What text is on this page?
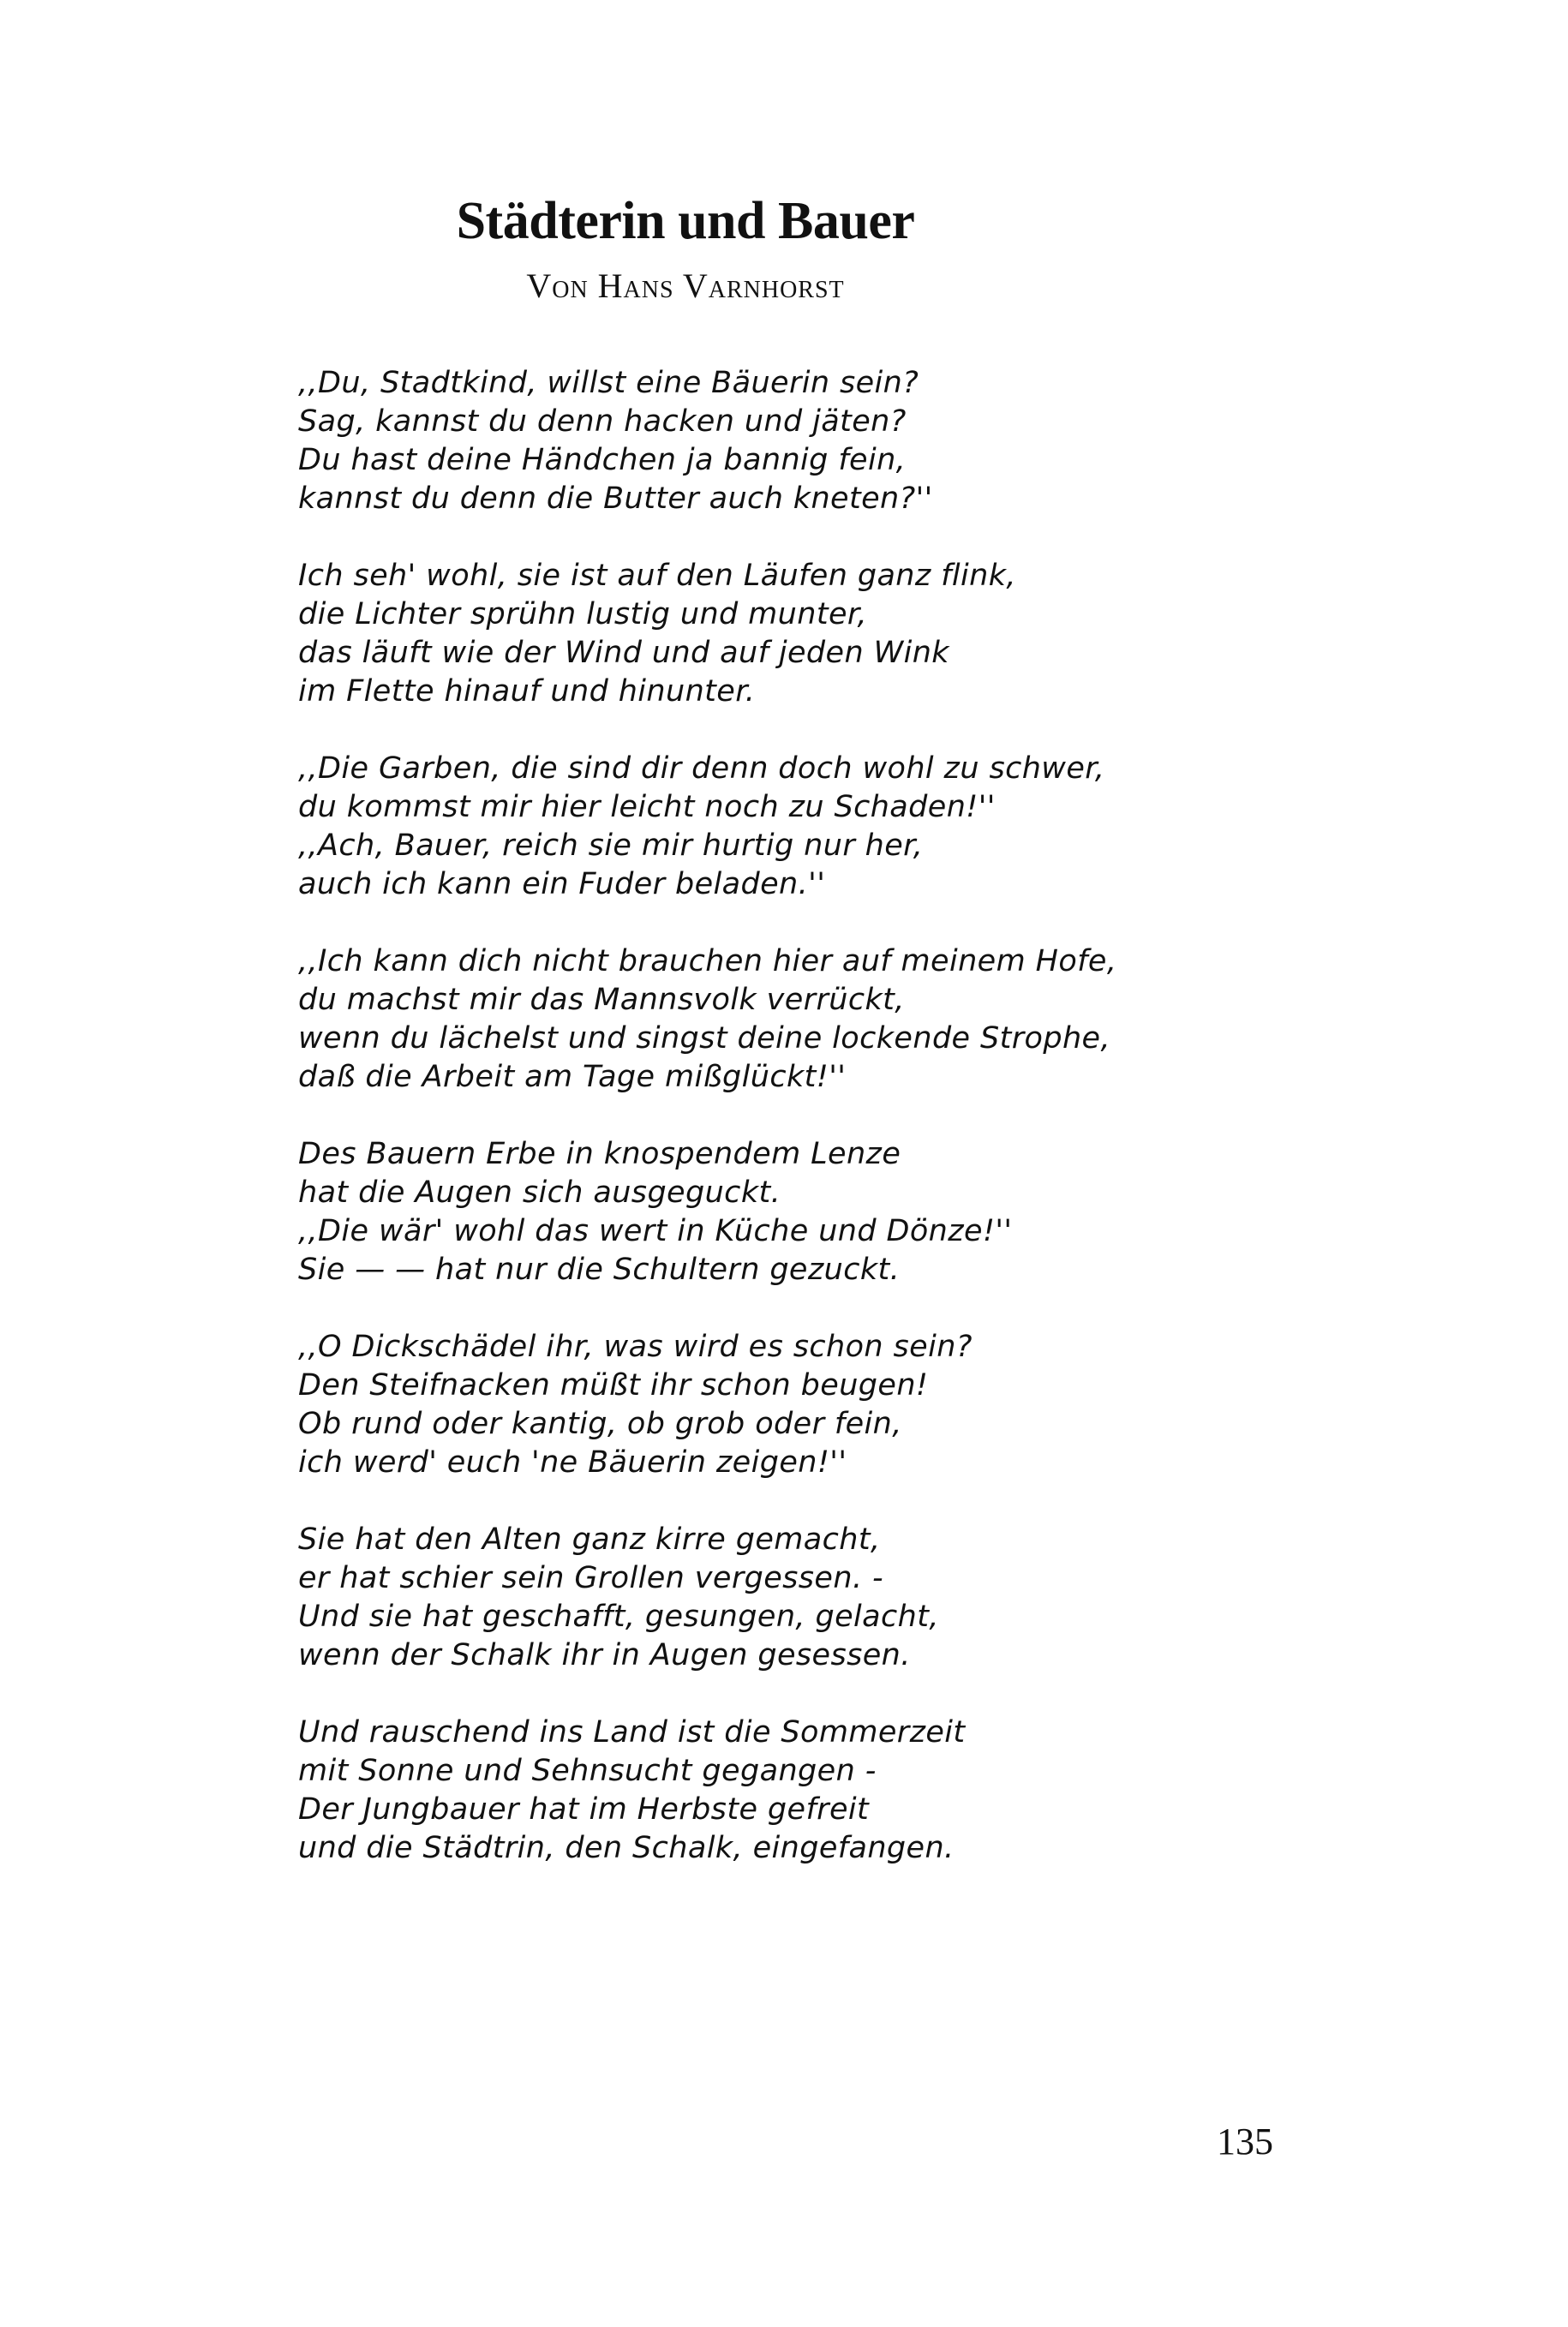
Städterin und Bauer
Von Hans Varnhorst
,,Du, Stadtkind, willst eine Bäuerin sein?
Sag, kannst du denn hacken und jäten?
Du hast deine Händchen ja bannig fein,
kannst du denn die Butter auch kneten?''
Ich seh' wohl, sie ist auf den Läufen ganz flink,
die Lichter sprühn lustig und munter,
das läuft wie der Wind und auf jeden Wink
im Flette hinauf und hinunter.
,,Die Garben, die sind dir denn doch wohl zu schwer,
du kommst mir hier leicht noch zu Schaden!''
,,Ach, Bauer, reich sie mir hurtig nur her,
auch ich kann ein Fuder beladen.''
,,Ich kann dich nicht brauchen hier auf meinem Hofe,
du machst mir das Mannsvolk verrückt,
wenn du lächelst und singst deine lockende Strophe,
daß die Arbeit am Tage mißglückt!''
Des Bauern Erbe in knospendem Lenze
hat die Augen sich ausgeguckt.
,,Die wär' wohl das wert in Küche und Dönze!''
Sie — — hat nur die Schultern gezuckt.
,,O Dickschädel ihr, was wird es schon sein?
Den Steifnacken müßt ihr schon beugen!
Ob rund oder kantig, ob grob oder fein,
ich werd' euch 'ne Bäuerin zeigen!''
Sie hat den Alten ganz kirre gemacht,
er hat schier sein Grollen vergessen. -
Und sie hat geschafft, gesungen, gelacht,
wenn der Schalk ihr in Augen gesessen.
Und rauschend ins Land ist die Sommerzeit
mit Sonne und Sehnsucht gegangen -
Der Jungbauer hat im Herbste gefreit
und die Städtrin, den Schalk, eingefangen.
135
